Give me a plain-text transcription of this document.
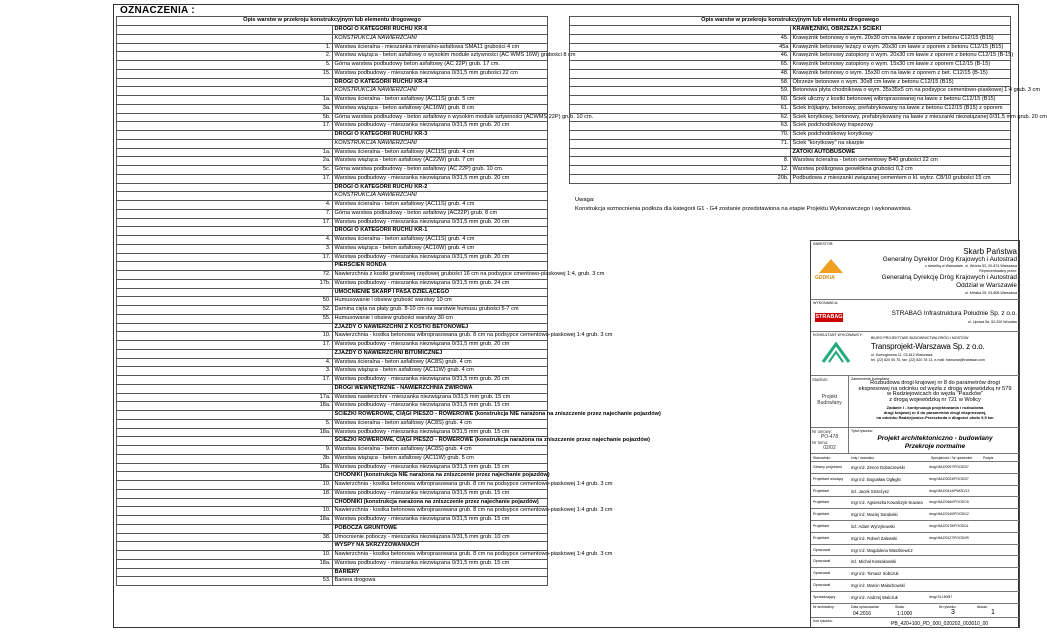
OZNACZENIA :
Opis warstw w przekroju konstrukcyjnym lub elementu drogowego	
	DROGI O KATEGORII RUCHU KR-6
	KONSTRUKCJA NAWIERZCHNI
1.	Warstwa ścieralna - mieszanka mineralno-asfaltowa SMA11 grubości 4 cm
2.	Warstwa wiążąca - beton asfaltowy o wysokim module sztywności (AC WMS 16W) grubości 8 cm
5.	Górna warstwa podbudowy beton asfaltowy (AC 22P) grub. 17 cm.
15.	Warstwa podbudowy - mieszanka niezwiązana 0/31,5 mm grubości 22 cm
	DROGI O KATEGORII RUCHU KR-4
	KONSTRUKCJA NAWIERZCHNI
1a.	Warstwa ścieralna - beton asfaltowy (AC11S) grub. 5 cm
3a.	Warstwa wiążąca - beton asfaltowy (AC16W) grub. 8 cm
5b.	Górna warstwa podbudowy - beton asfaltowy o wysokim module sztywności (ACWMS 22P) grub. 10 cm.
17.	Warstwa podbudowy - mieszanka niezwiązana 0/31,5 mm grub. 20 cm
	DROGI O KATEGORII RUCHU KR-3
	KONSTRUKCJA NAWIERZCHNI
1a.	Warstwa ścieralna - beton asfaltowy (AC11S) grub. 4 cm
2a.	Warstwa wiążąca - beton asfaltowy (AC22W) grub. 7 cm
5c.	Górna warstwa podbudowy - beton asfaltowy (AC 22P) grub. 10 cm.
17.	Warstwa podbudowy - mieszanka niezwiązana 0/31,5 mm grub. 20 cm
	DROGI O KATEGORII RUCHU KR-2
	KONSTRUKCJA NAWIERZCHNI
4.	Warstwa ścieralna - beton asfaltowy (AC11S) grub. 4 cm
7.	Górna warstwa podbudowy - beton asfaltowy (AC22P) grub. 8 cm
17.	Warstwa podbudowy - mieszanka niezwiązana 0/31,5 mm grub. 20 cm
	DROGI O KATEGORII RUCHU KR-1
4.	Warstwa ścieralna - beton asfaltowy (AC11S) grub. 4 cm
3.	Warstwa wiążąca - beton asfaltowy (AC16W) grub. 4 cm
17.	Warstwa podbudowy - mieszanka niezwiązana 0/31,5 mm grub. 20 cm
	PIERŚCIEŃ RONDA
72.	Nawierzchnia z kostki granitowej rzędowej grubości 16 cm na podsypce cmentowo-piaskowej 1:4, grub. 3 cm
17b.	Warstwa podbudowy - mieszanka niezwiązana 0/31,5 mm grub. 24 cm
	UMOCNIENIE SKARP I PASA DZIELĄCEGO
50.	Humusowanie i obsiew grubość warstwy 10 cm
52.	Darnina cięta na płaty grub. 8-10 cm na warstwie humusu grubości 5-7 cm
55.	Humusowanie i obsiew grubości warstwy 30 cm
	ZJAZDY O NAWIERZCHNI Z KOSTKI BETONOWEJ
10.	Nawierzchnia - kostka betonowa wibroprasowana grub. 8 cm na podsypce cementowo-piaskowej 1:4 grub. 3 cm
17.	Warstwa podbudowy - mieszanka niezwiązana 0/31,5 mm grub. 20 cm
	ZJAZDY O NAWIERZCHNI BITUMICZNEJ
4.	Warstwa ścieralna - beton asfaltowy (AC8S) grub. 4 cm
3.	Warstwa wiążąca - beton asfaltowy (AC11W) grub. 4 cm
17.	Warstwa podbudowy - mieszanka niezwiązana 0/31,5 mm grub. 20 cm
	DROGI WEWNĘTRZNE - NAWIERZCHNIA ŻWIROWA
17a.	Warstwa nawierzchni - mieszanka niezwiązana 0/31,5 mm grub. 15 cm
18a.	Warstwa podbudowy - mieszanka niezwiązana 0/31,5 mm grub. 15 cm
	ŚCIEŻKI ROWEROWE, CIĄGI PIESZO - ROWEROWE (konstrukcja NIE narażona na zniszczenie przez najechanie pojazdów)
5.	Warstwa ścieralna - beton asfaltowy (AC8S) grub. 4 cm
18a.	Warstwa podbudowy - mieszanka niezwiązana 0/31,5 mm grub. 15 cm
	ŚCIEŻKI ROWEROWE, CIĄGI PIESZO - ROWEROWE (konstrukcja narażona na zniszczenie przez najechanie pojazdów)
9.	Warstwa ścieralna - beton asfaltowy (AC8S) grub. 4 cm
3b.	Warstwa wiążąca - beton asfaltowy (AC11W) grub. 5 cm
18a.	Warstwa podbudowy - mieszanka niezwiązana 0/31,5 mm grub. 15 cm
	CHODNIKI (konstrukcja NIE narażona na zniszczenie przez najechanie pojazdów)
10.	Nawierzchnia - kostka betonowa wibroprasowana grub. 8 cm na podsypce cementowo-piaskowej 1:4 grub. 3 cm
18.	Warstwa podbudowy - mieszanka niezwiązana 0/31,5 mm grub. 15 cm
	CHODNIKI (konstrukcja narażona na zniszczenie przez najechanie pojazdów)
10.	Nawierzchnia - kostka betonowa wibroprasowana grub. 8 cm na podsypce cementowo-piaskowej 1:4 grub. 3 cm
18a.	Warstwa podbudowy - mieszanka niezwiązana 0/31,5 mm grub. 15 cm
	POBOCZA GRUNTOWE
38.	Umocnienie poboczy - mieszanka niezwiązana 0/31,5 mm grub. 10 cm
	WYSPY NA SKRZYŻOWANIACH
10.	Nawierzchnia - kostka betonowa wibroprasowana grub. 8 cm na podsypce cementowo-piaskowej 1:4 grub. 3 cm
18a.	Warstwa podbudowy - mieszanka niezwiązana 0/31,5 mm grub. 15 cm
	BARIERY
53.	Bariera drogowa
Opis warstw w przekroju konstrukcyjnym lub elementu drogowego	
	KRAWĘŻNIKI, OBRZEŻA I ŚCIEKI
45.	Krawężnik betonowy o wym. 20x30 cm na ławie z oporem z betonu C12/15 (B15)
45a	Krawężnik betonowy leżący o wym. 20x30 cm ławie z oporem z betonu C12/15 (B15)
46.	Krawężnik betonowy zatopiony o wym. 20x30 cm ławie z oporem z betonu C12/15 (B-15)
65.	Krawężnik betonowy zatopiony o wym. 15x30 cm ławie z oporem C12/15 (B-15)
48.	Krawężnik betonowy o wym. 15x30 cm na ławie z oporem z bet. C12/15 (B-15)
58.	Obrzeże betonowe o wym. 30x8 cm ławie z betonu C12/15 (B15)
59.	Betonowa płyta chodnikowa o wym. 35x35x5 cm na podsypce cementowo-piaskowej 1:4 grub. 3 cm
60.	Ściek uliczny z kostki betonowej wibroprasowanej na ławie z betonu C12/15 (B15)
61.	Ściek trójkątny, betonowy, prefabrykowany na ławie z betonu C12/15 (B15) z oporem
62.	Ściek korytkowy, betonowy, prefabrykowany na ławie z mieszanki niezwiązanej 0/31,5 mm grub. 20 cm
63.	Ściek podchodnikowy trapezowy
70.	Ściek podchodnikowy korytkowy
71.	Ściek "korytkowy" na skarpie
	ZATOKI AUTOBUSOWE
8.	Warstwa ścieralna - beton cementowy B40 grubości 22 cm
12.	Warstwa poślizgowa geowłókna grubości 0,2 cm
20b.	Podbudowa z mieszanki związanej cementem o kl. wytrz. C8/10 grubości 15 cm
Uwaga:
Konstrukcja wzmocnienia podłoża dla kategorii G1 - G4 zostanie przedstawiona na etapie Projektu Wykonawczego i wykonawstwa.
INWESTOR:
GDDKiA
Skarb Państwa
Generalny Dyrektor Dróg Krajowych i Autostrad
z siedzibą w Warszawie, ul. Wronia 53, 00-874 Warszawa
Reprezentowany przez:
Generalną Dyrekcję Dróg Krajowych i Autostrad
Oddział w Warszawie
ul. Mińska 25, 03-808 Warszawa
WYKONAWCA:
STRABAG	STRABAG Infrastruktura Południe Sp. z o.o.
ul. Lipowa 5a, 52-200 Wrocław
KONSULTANT WYKONAWCY:
BIURO PROJEKTOWE BUDOWNICTWA DRÓG I MOSTÓW
Transprojekt-Warszawa Sp. z o.o.
ul. Kornuginowa 11, 03-612 Warszawa
tel. (22) 820 05 75, fax: (22) 820 78 13, e-mail: transwar@transwar.com
Stadium:
Projekt Budowlany
Zamierzenie budowlane:
Rozbudowa drogi krajowej nr 8 do parametrów drogi
ekspresowej na odcinku od węzła z drogą wojewódzką nr 579
w Radziejowicach do węzła "Paszków"
z drogą wojewódzką nr 721 w Wolicy
Zadanie I - kontynuacja projektowania i rozbudowa
drogi krajowej nr 8 do parametrów drogi ekspresowej,
na odcinku Radziejowice-Przeszkoda o długości około 9,5 km
Nr umowy:
PO-478
Nr tomu:
02/02
Tytuł rysunku:
Projekt architektoniczno - budowlany
Przekroje normalne
Stanowisko	Imię i nazwisko	Specjalność / Nr uprawnień	Podpis
Główny projektant mgr inż. Zenon Dobaczewski	drogi MAZ/0097/POOD/07
Projektant wiodący mgr inż. Bogusław Ogłęgło	drogi MAZ/0023/POOD/07
Projektant	inż. Jacek Strzeżysz	drogi MAZ/0414/PWOD/13
Projektant	mgr inż. Agnieszka Kowalczyk-Suwara drogi MAZ/0460/POOD/15
Projektant	mgr inż. Maciej Sanduski	drogi MAZ/0140/POOD/12
Projektant	inż. Adam Wyrzykowski	drogi MAZ/0178/POOD/11
Projektant	mgr inż. Robert Zalewski	drogi MAZ/0127/POOD/09
Opracował	mgr inż. Magdalena Waszkiewicz
Opracował	inż. Michał Kossakowski
Opracował	mgr inż. Tomasz Sobczuk
Opracował	mgr inż. Marcin Małachowski
Sprawdzający	mgr inż. Andrzej Walczuk	drogi St-150/87
Nr archiwalny:	Data opracowania:
04.2016
Skala:
1:1000
Nr rysunku:
3
Aktual.:
1
Kod rysunku:	PB_420+100_PD_000_020202_003010_00
